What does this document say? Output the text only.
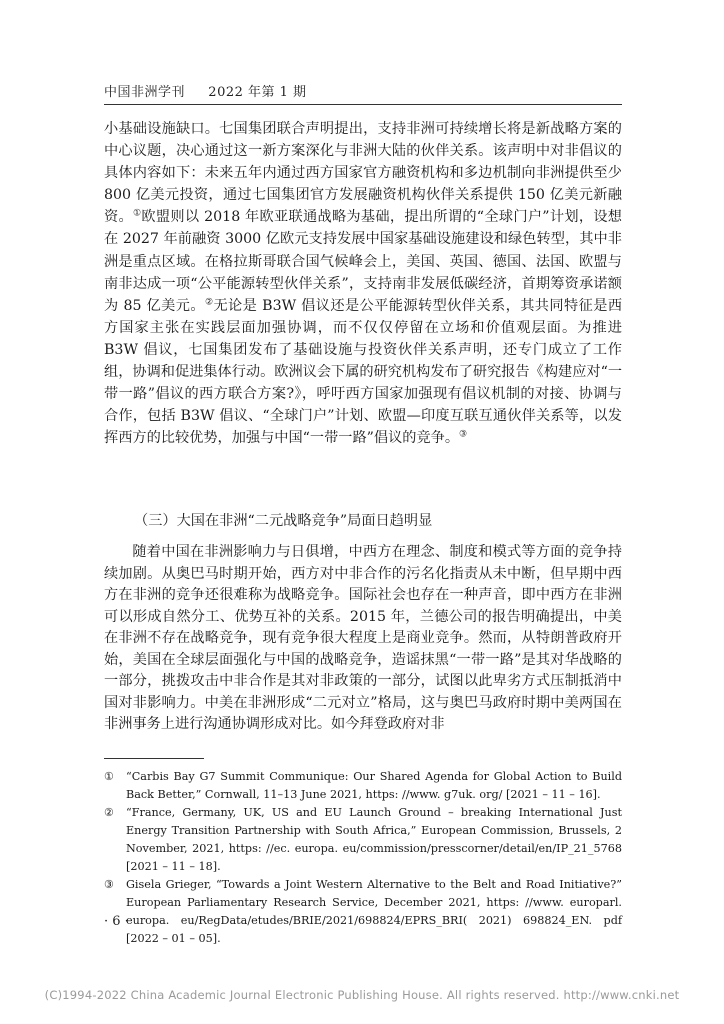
中国非洲学刊 2022 年第 1 期

小基础设施缺口。七国集团联合声明提出，支持非洲可持续增长将是新战略方案的中心议题，决心通过这一新方案深化与非洲大陆的伙伴关系。该声明中对非倡议的具体内容如下：未来五年内通过西方国家官方融资机构和多边机制向非洲提供至少 800 亿美元投资，通过七国集团官方发展融资机构伙伴关系提供 150 亿美元新融资。①欧盟则以 2018 年欧亚联通战略为基础，提出所谓的“全球门户”计划，设想在 2027 年前融资 3000 亿欧元支持发展中国家基础设施建设和绿色转型，其中非洲是重点区域。在格拉斯哥联合国气候峰会上，美国、英国、德国、法国、欧盟与南非达成一项“公平能源转型伙伴关系”，支持南非发展低碳经济，首期筹资承诺额为 85 亿美元。②无论是 B3W 倡议还是公平能源转型伙伴关系，其共同特征是西方国家主张在实践层面加强协调，而不仅仅停留在立场和价值观层面。为推进 B3W 倡议，七国集团发布了基础设施与投资伙伴关系声明，还专门成立了工作组，协调和促进集体行动。欧洲议会下属的研究机构发布了研究报告《构建应对“一带一路”倡议的西方联合方案?》，呼吁西方国家加强现有倡议机制的对接、协调与合作，包括 B3W 倡议、“全球门户”计划、欧盟—印度互联互通伙伴关系等，以发挥西方的比较优势，加强与中国“一带一路”倡议的竞争。③

（三）大国在非洲“二元战略竞争”局面日趋明显

随着中国在非洲影响力与日俱增，中西方在理念、制度和模式等方面的竞争持续加剧。从奥巴马时期开始，西方对中非合作的污名化指责从未中断，但早期中西方在非洲的竞争还很难称为战略竞争。国际社会也存在一种声音，即中西方在非洲可以形成自然分工、优势互补的关系。2015 年，兰德公司的报告明确提出，中美在非洲不存在战略竞争，现有竞争很大程度上是商业竞争。然而，从特朗普政府开始，美国在全球层面强化与中国的战略竞争，造谣抹黑“一带一路”是其对华战略的一部分，挑拨攻击中非合作是其对非政策的一部分，试图以此卑劣方式压制抵消中国对非影响力。中美在非洲形成“二元对立”格局，这与奥巴马政府时期中美两国在非洲事务上进行沟通协调形成对比。如今拜登政府对非

①	“Carbis Bay G7 Summit Communique: Our Shared Agenda for Global Action to Build Back Better,” Cornwall, 11–13 June 2021, https: //www. g7uk. org/ [2021 – 11 – 16].
②	“France, Germany, UK, US and EU Launch Ground – breaking International Just Energy Transition Partnership with South Africa,” European Commission, Brussels, 2 November, 2021, https: //ec. europa. eu/commission/presscorner/detail/en/IP_21_5768 [2021 – 11 – 18].
③	Gisela Grieger, “Towards a Joint Western Alternative to the Belt and Road Initiative?” European Parliamentary Research Service, December 2021, https: //www. europarl. europa. eu/RegData/etudes/BRIE/2021/698824/EPRS_BRI( 2021) 698824_EN. pdf [2022 – 01 – 05].
· 6 ·
(C)1994-2022 China Academic Journal Electronic Publishing House. All rights reserved. http://www.cnki.net
